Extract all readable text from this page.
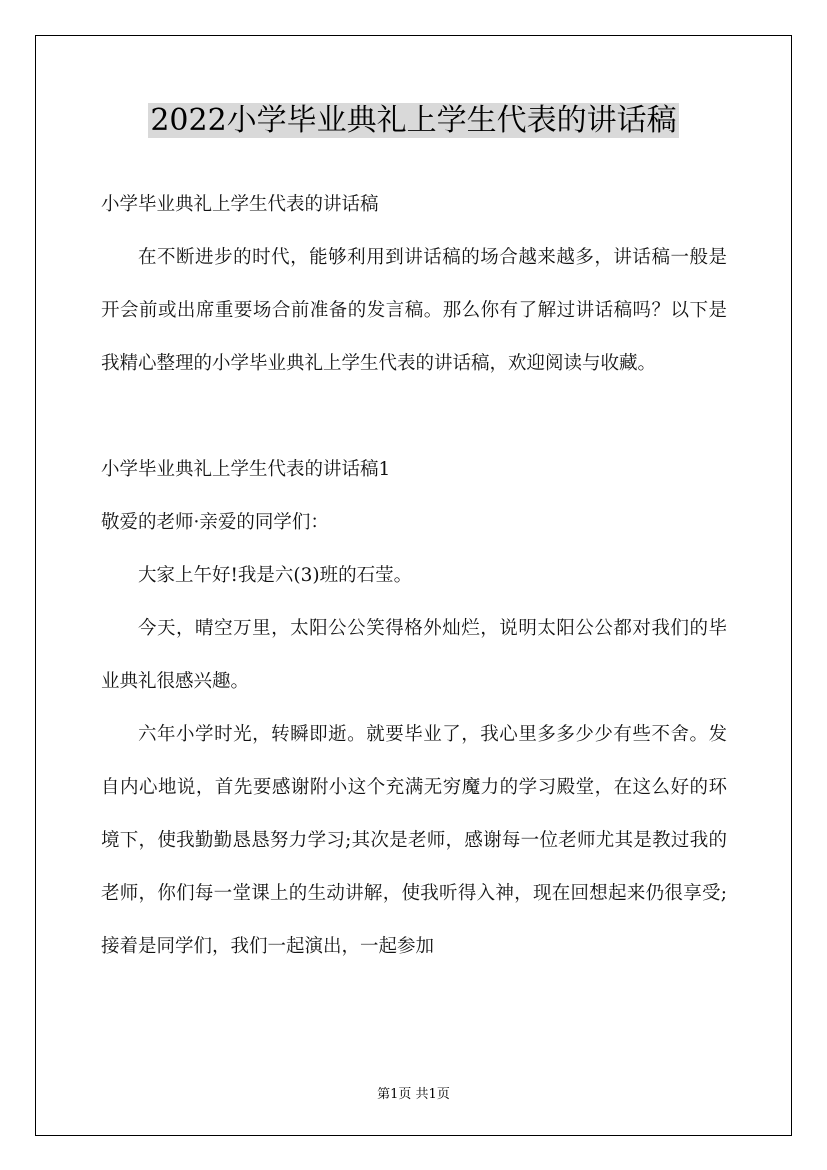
2022小学毕业典礼上学生代表的讲话稿

小学毕业典礼上学生代表的讲话稿

在不断进步的时代，能够利用到讲话稿的场合越来越多，讲话稿一般是开会前或出席重要场合前准备的发言稿。那么你有了解过讲话稿吗？以下是我精心整理的小学毕业典礼上学生代表的讲话稿，欢迎阅读与收藏。

小学毕业典礼上学生代表的讲话稿1

敬爱的老师·亲爱的同学们：

大家上午好!我是六(3)班的石莹。

今天，晴空万里，太阳公公笑得格外灿烂，说明太阳公公都对我们的毕业典礼很感兴趣。

六年小学时光，转瞬即逝。就要毕业了，我心里多多少少有些不舍。发自内心地说，首先要感谢附小这个充满无穷魔力的学习殿堂，在这么好的环境下，使我勤勤恳恳努力学习;其次是老师，感谢每一位老师尤其是教过我的老师，你们每一堂课上的生动讲解，使我听得入神，现在回想起来仍很享受;接着是同学们，我们一起演出，一起参加

第1页 共1页
